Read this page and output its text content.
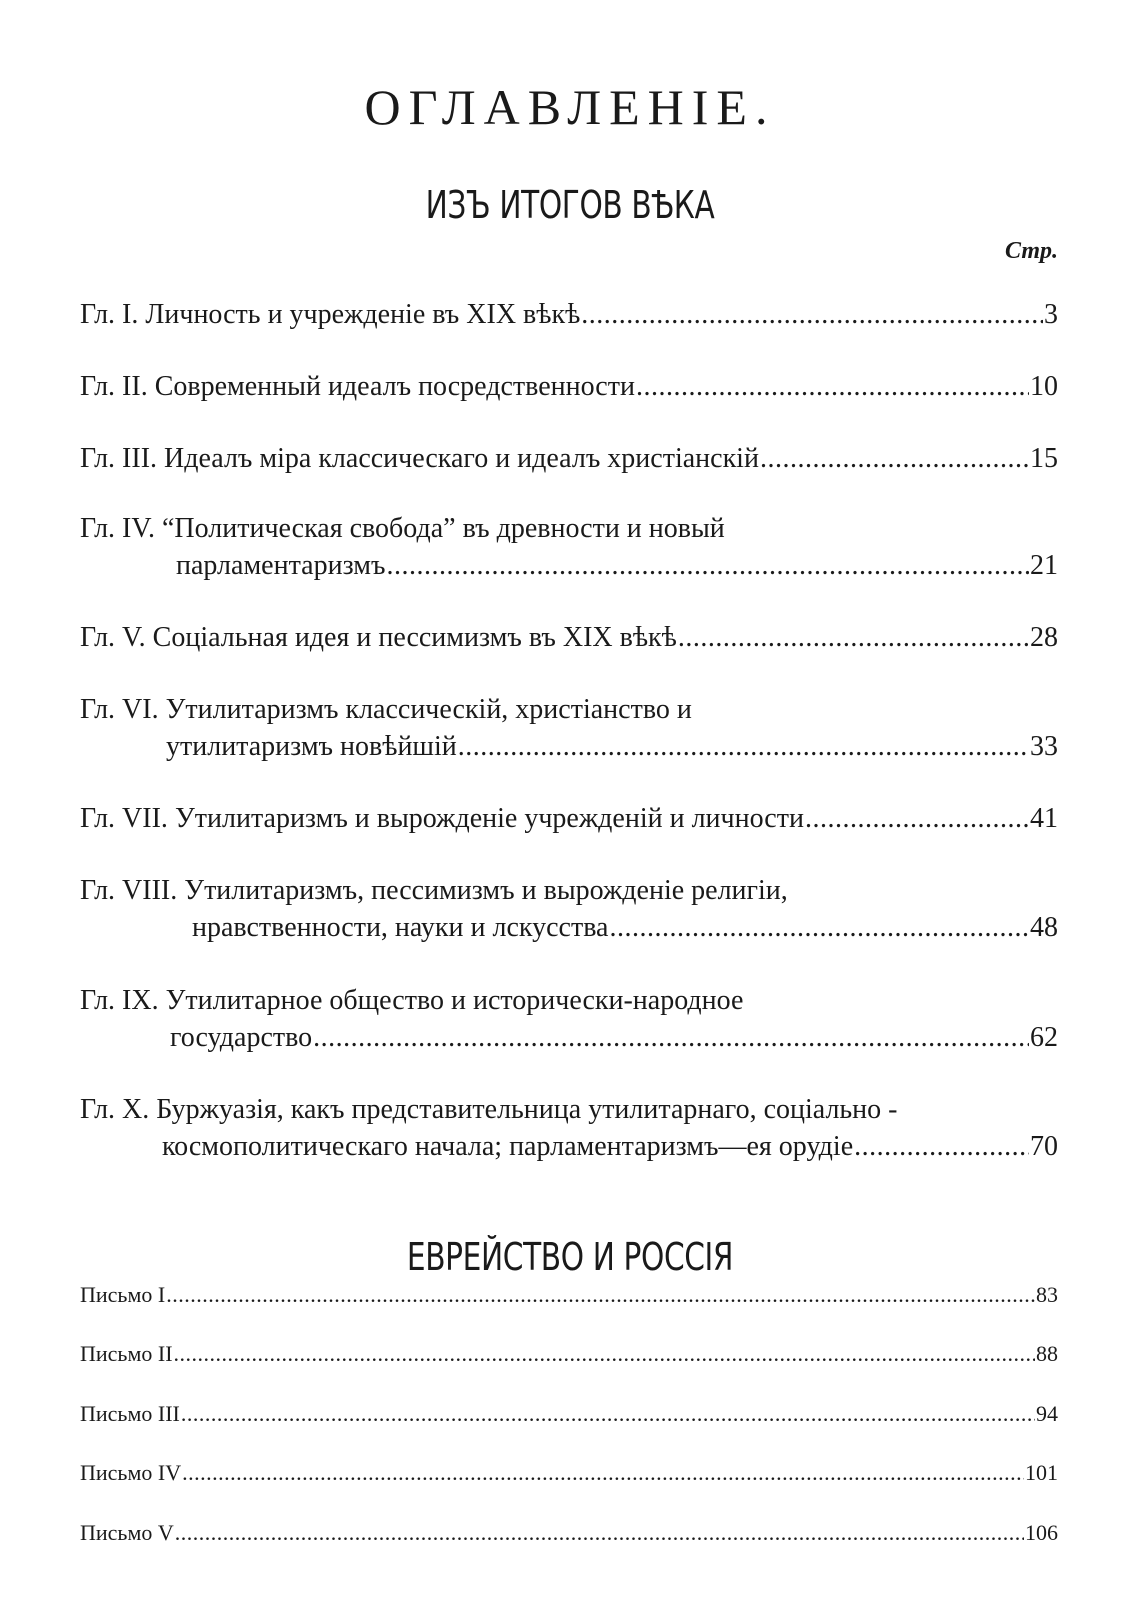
ОГЛАВЛЕНІЕ.
ИЗЪ ИТОГОВ ВѢКА
Стр.
Гл. I.
Личность и учрежденіе въ XIX вѣкѣ .....	3
Гл. II.
Современный идеалъ посредственности .....	10
Гл. III.
Идеалъ міра классическаго и идеалъ христіанскій .....	15
Гл. IV.
“Политическая свобода” въ древности и новый
парламентаризмъ .....	21
Гл. V.
Соціальная идея и пессимизмъ въ XIX вѣкѣ .....	28
Гл. VI.
Утилитаризмъ классическій, христіанство и
утилитаризмъ новѣйшій .....	33
Гл. VII.
Утилитаризмъ и вырожденіе учрежденій и личности .....	41
Гл. VIII.
Утилитаризмъ, пессимизмъ и вырожденіе религіи,
нравственности, науки и лскусства .....	48
Гл. IX.
Утилитарное общество и исторически-народное
государство .....	62
Гл. X.
Буржуазія, какъ представительница утилитарнаго, соціально -
космополитическаго начала; парламентаризмъ—ея орудіе .....	70
ЕВРЕЙСТВО И РОССІЯ
Письмо I .....	83
Письмо II .....	88
Письмо III .....	94
Письмо IV .....	101
Письмо V .....	106
